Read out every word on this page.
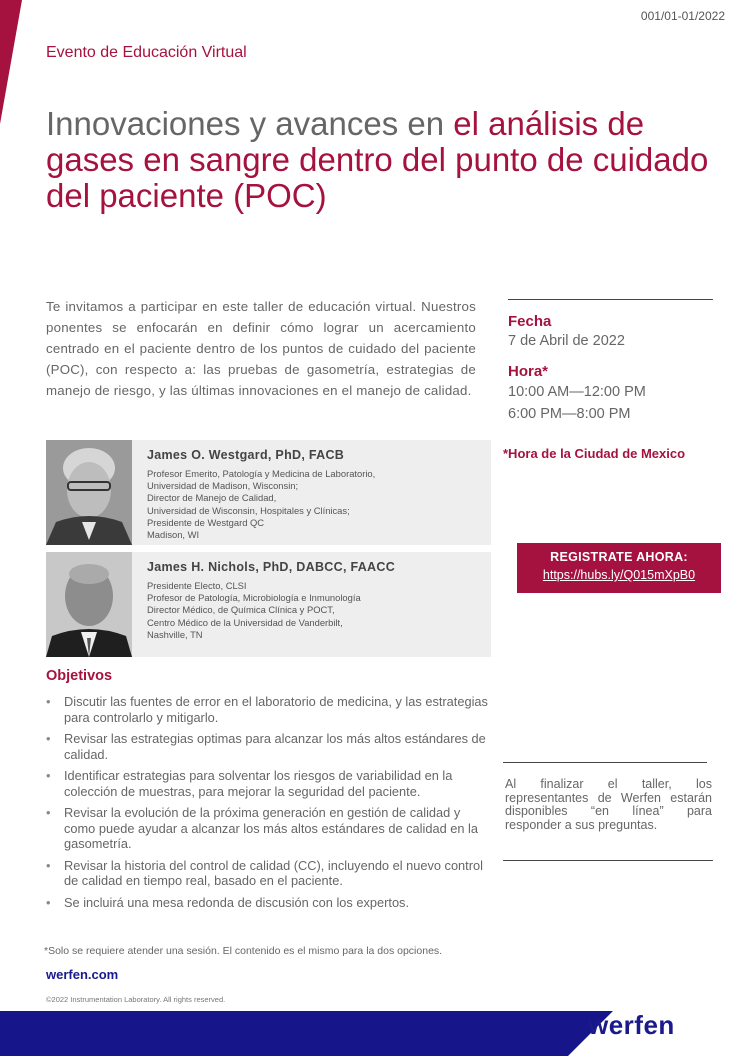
001/01-01/2022
Evento de Educación Virtual
Innovaciones y avances en el análisis de gases en sangre dentro del punto de cuidado del paciente (POC)

Te invitamos a participar en este taller de educación virtual. Nuestros ponentes se enfocarán en definir cómo lograr un acercamiento centrado en el paciente dentro de los puntos de cuidado del paciente (POC), con respecto a: las pruebas de gasometría, estrategias de manejo de riesgo, y las últimas innovaciones en el manejo de calidad.

Fecha
7 de Abril de 2022
Hora*
10:00 AM—12:00 PM
6:00 PM—8:00 PM
*Hora de la Ciudad de Mexico
James O. Westgard, PhD, FACB
Profesor Emerito, Patología y Medicina de Laboratorio,
Universidad de Madison, Wisconsin;
Director de Manejo de Calidad,
Universidad de Wisconsin, Hospitales y Clínicas;
Presidente de Westgard QC
Madison, WI
James H. Nichols, PhD, DABCC, FAACC
Presidente Electo, CLSI
Profesor de Patología, Microbiología e Inmunología
Director Médico, de Química Clínica y POCT,
Centro Médico de la Universidad de Vanderbilt,
Nashville, TN
REGISTRATE AHORA:
https://hubs.ly/Q015mXpB0
Objetivos
• Discutir las fuentes de error en el laboratorio de medicina, y las estrategias para controlarlo y mitigarlo.
• Revisar las estrategias optimas para alcanzar los más altos estándares de calidad.
• Identificar estrategias para solventar los riesgos de variabilidad en la colección de muestras, para mejorar la seguridad del paciente.
• Revisar la evolución de la próxima generación en gestión de calidad y como puede ayudar a alcanzar los más altos estándares de calidad en la gasometría.
• Revisar la historia del control de calidad (CC), incluyendo el nuevo control de calidad en tiempo real, basado en el paciente.
• Se incluirá una mesa redonda de discusión con los expertos.

Al finalizar el taller, los representantes de Werfen estarán disponibles “en línea” para responder a sus preguntas.

*Solo se requiere atender una sesión. El contenido es el mismo para la dos opciones.
werfen.com
©2022 Instrumentation Laboratory. All rights reserved.
werfen
